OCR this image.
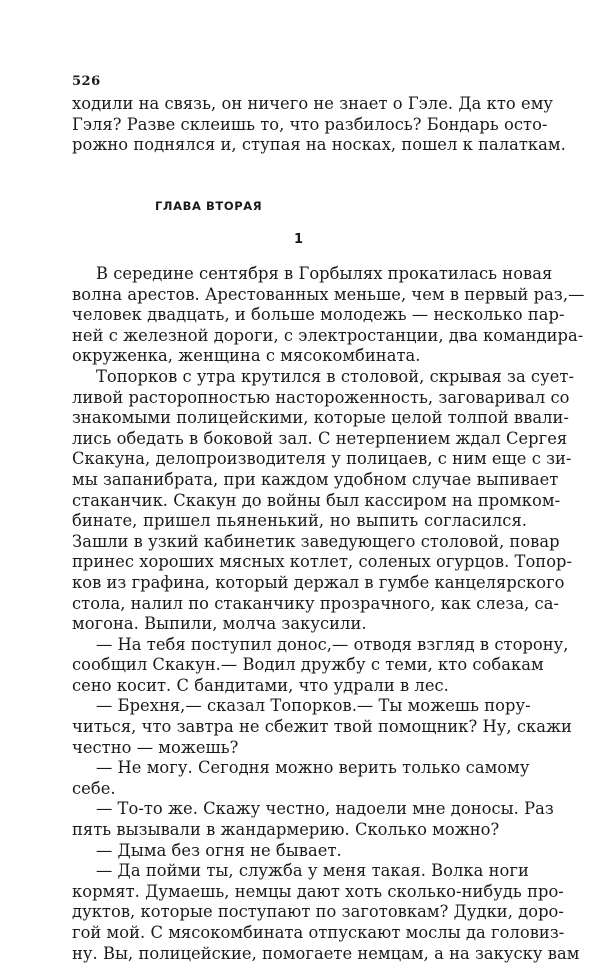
526
ходили на связь, он ничего не знает о Гэле. Да кто ему
Гэля? Разве склеишь то, что разбилось? Бондарь осто-
рожно поднялся и, ступая на носках, пошел к палаткам.
ГЛАВА ВТОРАЯ
1
В середине сентября в Горбылях прокатилась новая
волна арестов. Арестованных меньше, чем в первый раз,—
человек двадцать, и больше молодежь — несколько пар-
ней с железной дороги, с электростанции, два командира-
окруженка, женщина с мясокомбината.
Топорков с утра крутился в столовой, скрывая за сует-
ливой расторопностью настороженность, заговаривал со
знакомыми полицейскими, которые целой толпой ввали-
лись обедать в боковой зал. С нетерпением ждал Сергея
Скакуна, делопроизводителя у полицаев, с ним еще с зи-
мы запанибрата, при каждом удобном случае выпивает
стаканчик. Скакун до войны был кассиром на промком-
бинате, пришел пьяненький, но выпить согласился.
Зашли в узкий кабинетик заведующего столовой, повар
принес хороших мясных котлет, соленых огурцов. Топор-
ков из графина, который держал в гумбе канцелярского
стола, налил по стаканчику прозрачного, как слеза, са-
могона. Выпили, молча закусили.
— На тебя поступил донос,— отводя взгляд в сторону,
сообщил Скакун.— Водил дружбу с теми, кто собакам
сено косит. С бандитами, что удрали в лес.
— Брехня,— сказал Топорков.— Ты можешь пору-
читься, что завтра не сбежит твой помощник? Ну, скажи
честно — можешь?
— Не могу. Сегодня можно верить только самому
себе.
— То-то же. Скажу честно, надоели мне доносы. Раз
пять вызывали в жандармерию. Сколько можно?
— Дыма без огня не бывает.
— Да пойми ты, служба у меня такая. Волка ноги
кормят. Думаешь, немцы дают хоть сколько-нибудь про-
дуктов, которые поступают по заготовкам? Дудки, доро-
гой мой. С мясокомбината отпускают мослы да головиз-
ну. Вы, полицейские, помогаете немцам, а на закуску вам
